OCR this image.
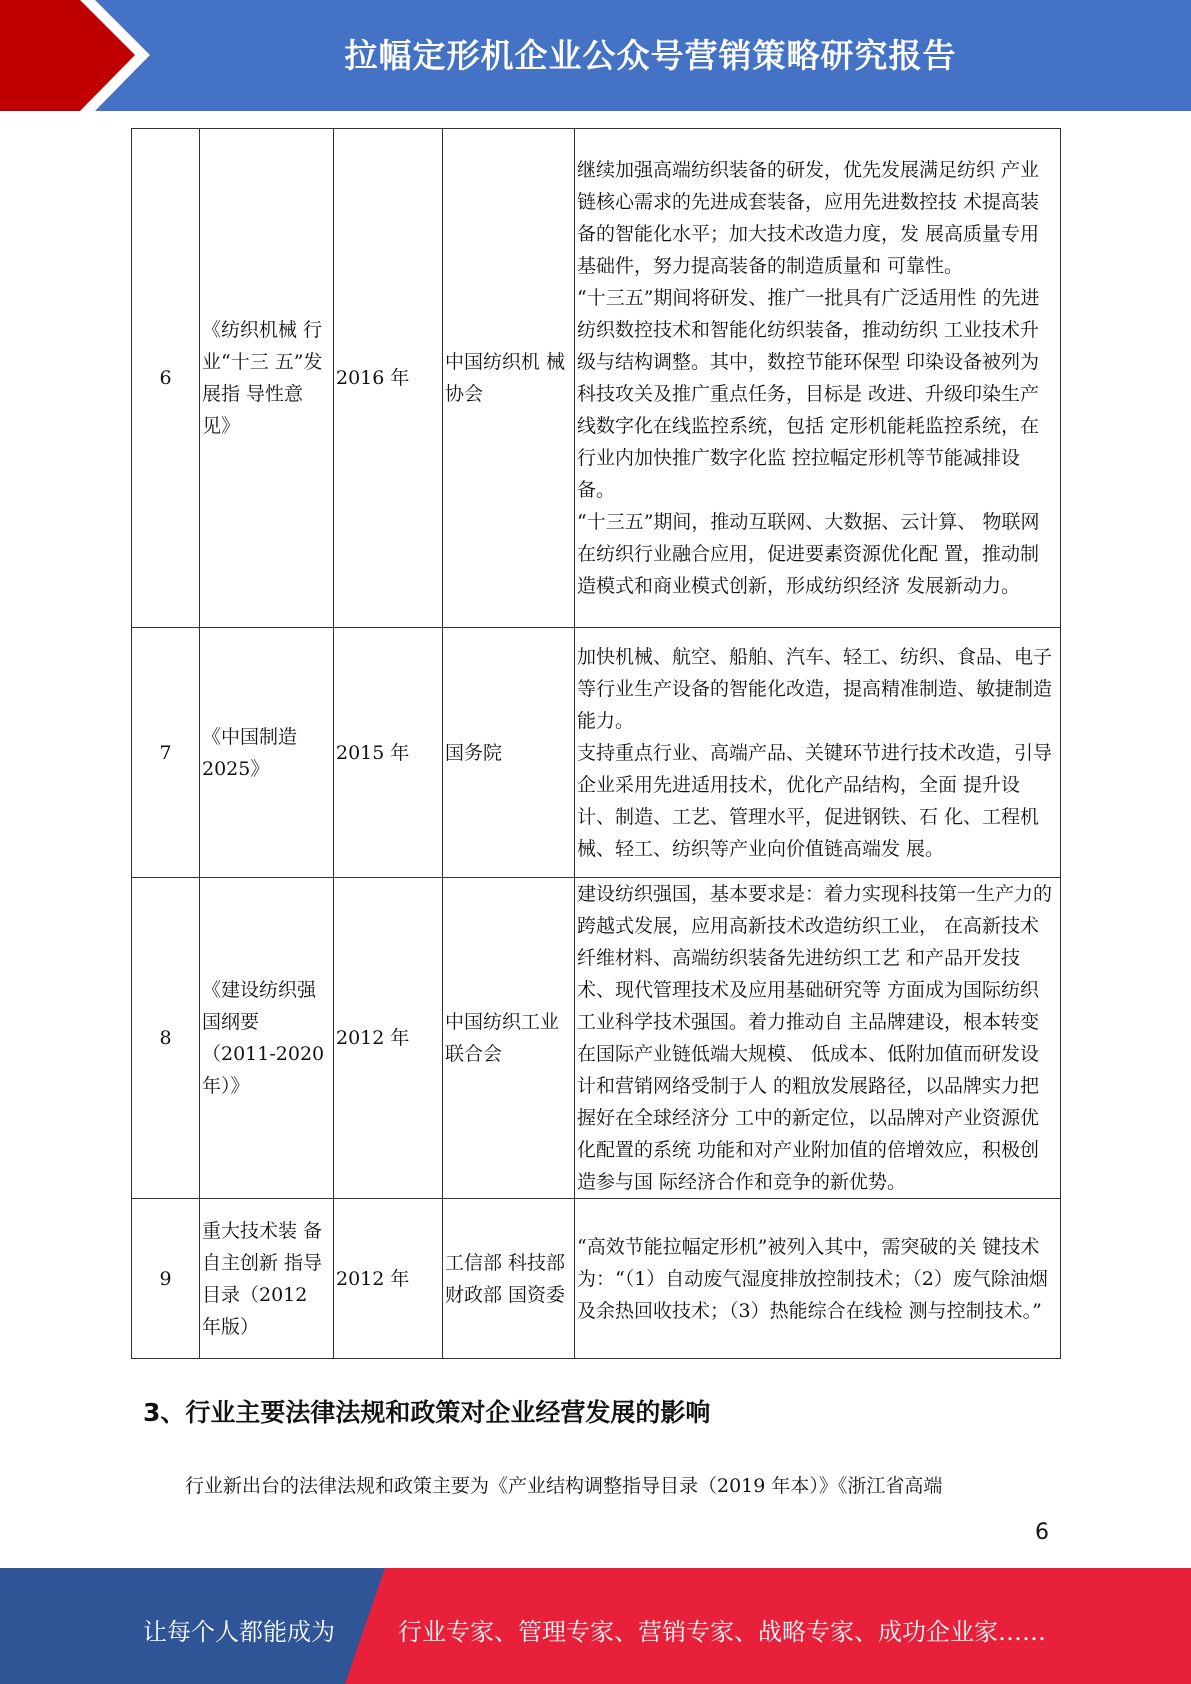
拉幅定形机企业公众号营销策略研究报告
6	《纺织机械 行业“十三 五”发展指 导性意见》	2016 年	中国纺织机 械协会	继续加强高端纺织装备的研发，优先发展满足纺织 产业链核心需求的先进成套装备，应用先进数控技 术提高装备的智能化水平；加大技术改造力度，发 展高质量专用基础件，努力提高装备的制造质量和 可靠性。
“十三五”期间将研发、推广一批具有广泛适用性 的先进纺织数控技术和智能化纺织装备，推动纺织 工业技术升级与结构调整。其中，数控节能环保型 印染设备被列为科技攻关及推广重点任务，目标是 改进、升级印染生产线数字化在线监控系统，包括 定形机能耗监控系统，在行业内加快推广数字化监 控拉幅定形机等节能减排设备。
“十三五”期间，推动互联网、大数据、云计算、 物联网在纺织行业融合应用，促进要素资源优化配 置，推动制造模式和商业模式创新，形成纺织经济 发展新动力。

7	《中国制造 2025》	2015 年	国务院	加快机械、航空、船舶、汽车、轻工、纺织、食品、电子等行业生产设备的智能化改造，提高精准制造、敏捷制造能力。
支持重点行业、高端产品、关键环节进行技术改造，引导企业采用先进适用技术，优化产品结构，全面 提升设计、制造、工艺、管理水平，促进钢铁、石 化、工程机械、轻工、纺织等产业向价值链高端发 展。

8	《建设纺织强国纲要 （2011-2020年）》	2012 年	中国纺织工业联合会	建设纺织强国，基本要求是：着力实现科技第一生产力的跨越式发展，应用高新技术改造纺织工业， 在高新技术纤维材料、高端纺织装备先进纺织工艺 和产品开发技术、现代管理技术及应用基础研究等 方面成为国际纺织工业科学技术强国。着力推动自 主品牌建设，根本转变在国际产业链低端大规模、 低成本、低附加值而研发设计和营销网络受制于人 的粗放发展路径，以品牌实力把握好在全球经济分 工中的新定位，以品牌对产业资源优化配置的系统 功能和对产业附加值的倍增效应，积极创造参与国 际经济合作和竞争的新优势。

9	重大技术装 备自主创新 指导目录（2012 年版）	2012 年	工信部 科技部 财政部 国资委	“高效节能拉幅定形机”被列入其中，需突破的关 键技术为：“（1）自动废气湿度排放控制技术；（2）废气除油烟及余热回收技术；（3）热能综合在线检 测与控制技术。”
3、行业主要法律法规和政策对企业经营发展的影响
行业新出台的法律法规和政策主要为《产业结构调整指导目录（2019 年本）》《浙江省高端
6
让每个人都能成为	行业专家、管理专家、营销专家、战略专家、成功企业家……
